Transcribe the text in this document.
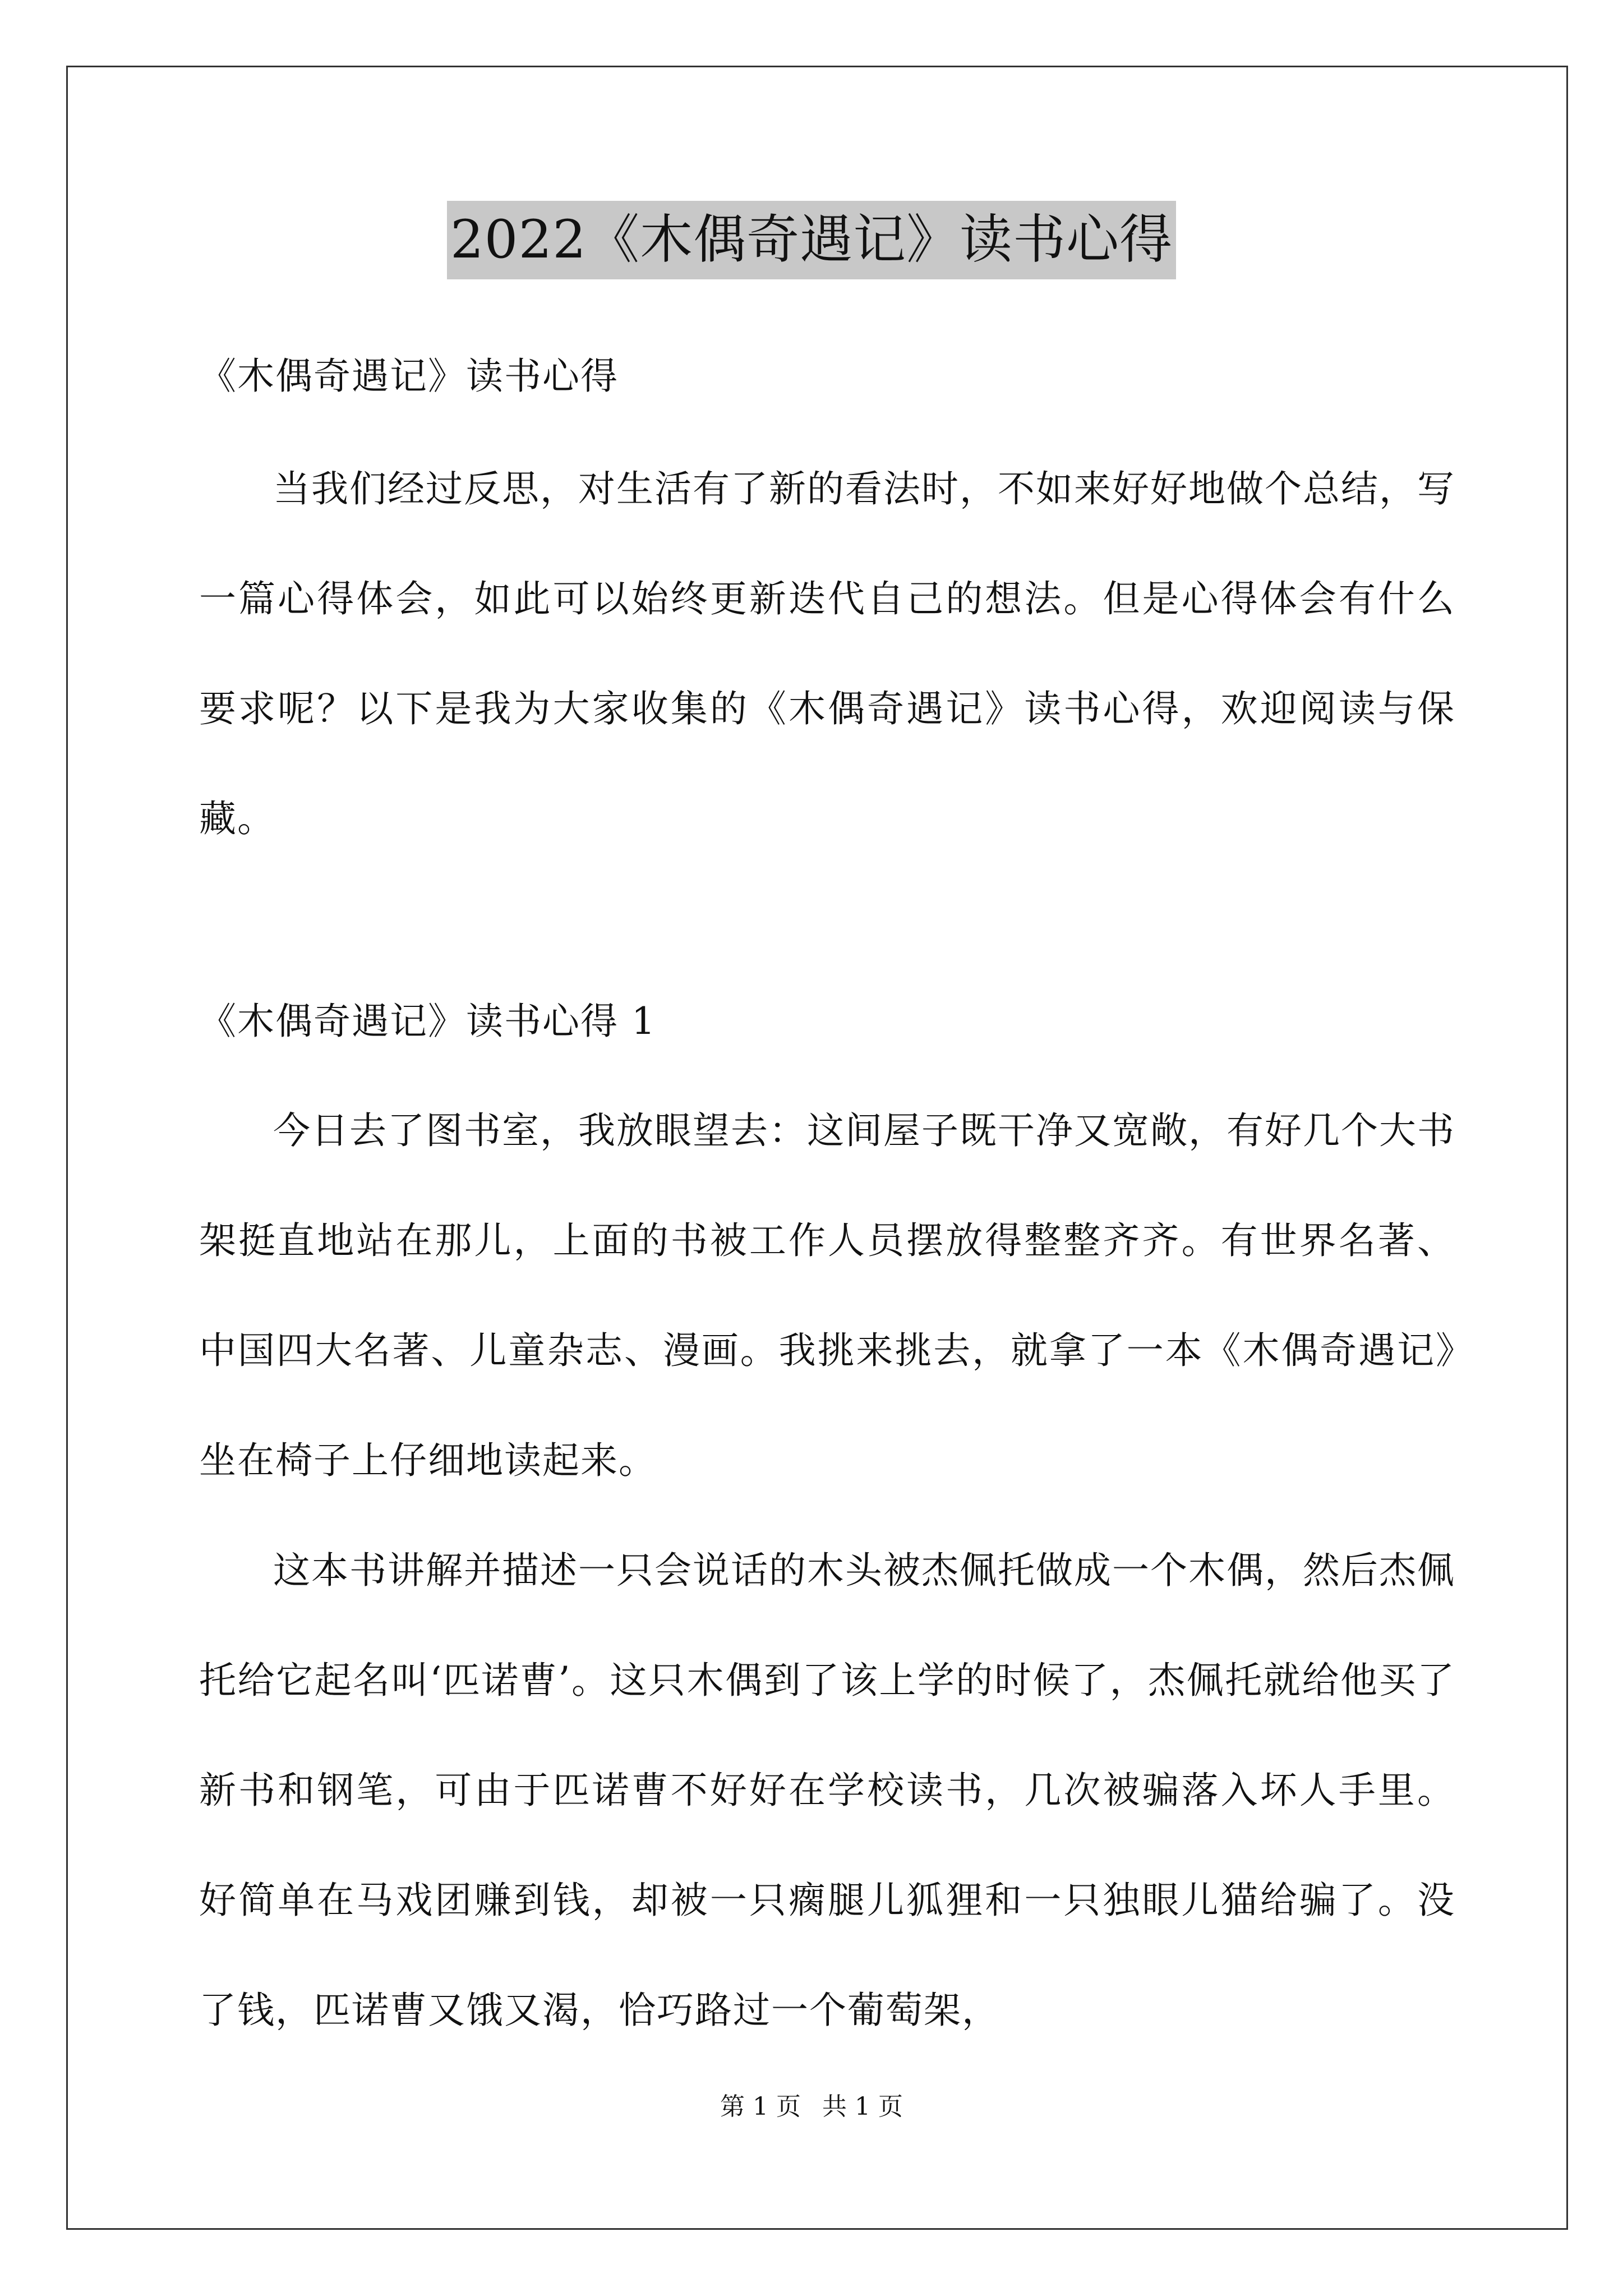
2022《木偶奇遇记》读书心得
《木偶奇遇记》读书心得

当我们经过反思，对生活有了新的看法时，不如来好好地做个总结，写一篇心得体会，如此可以始终更新迭代自己的想法。但是心得体会有什么要求呢？以下是我为大家收集的《木偶奇遇记》读书心得，欢迎阅读与保藏。

《木偶奇遇记》读书心得 1

今日去了图书室，我放眼望去：这间屋子既干净又宽敞，有好几个大书架挺直地站在那儿，上面的书被工作人员摆放得整整齐齐。有世界名著、中国四大名著、儿童杂志、漫画。我挑来挑去，就拿了一本《木偶奇遇记》坐在椅子上仔细地读起来。

这本书讲解并描述一只会说话的木头被杰佩托做成一个木偶，然后杰佩托给它起名叫‘匹诺曹’。这只木偶到了该上学的时候了，杰佩托就给他买了新书和钢笔，可由于匹诺曹不好好在学校读书，几次被骗落入坏人手里。好简单在马戏团赚到钱，却被一只瘸腿儿狐狸和一只独眼儿猫给骗了。没了钱，匹诺曹又饿又渴，恰巧路过一个葡萄架，

第 1 页 共 1 页
